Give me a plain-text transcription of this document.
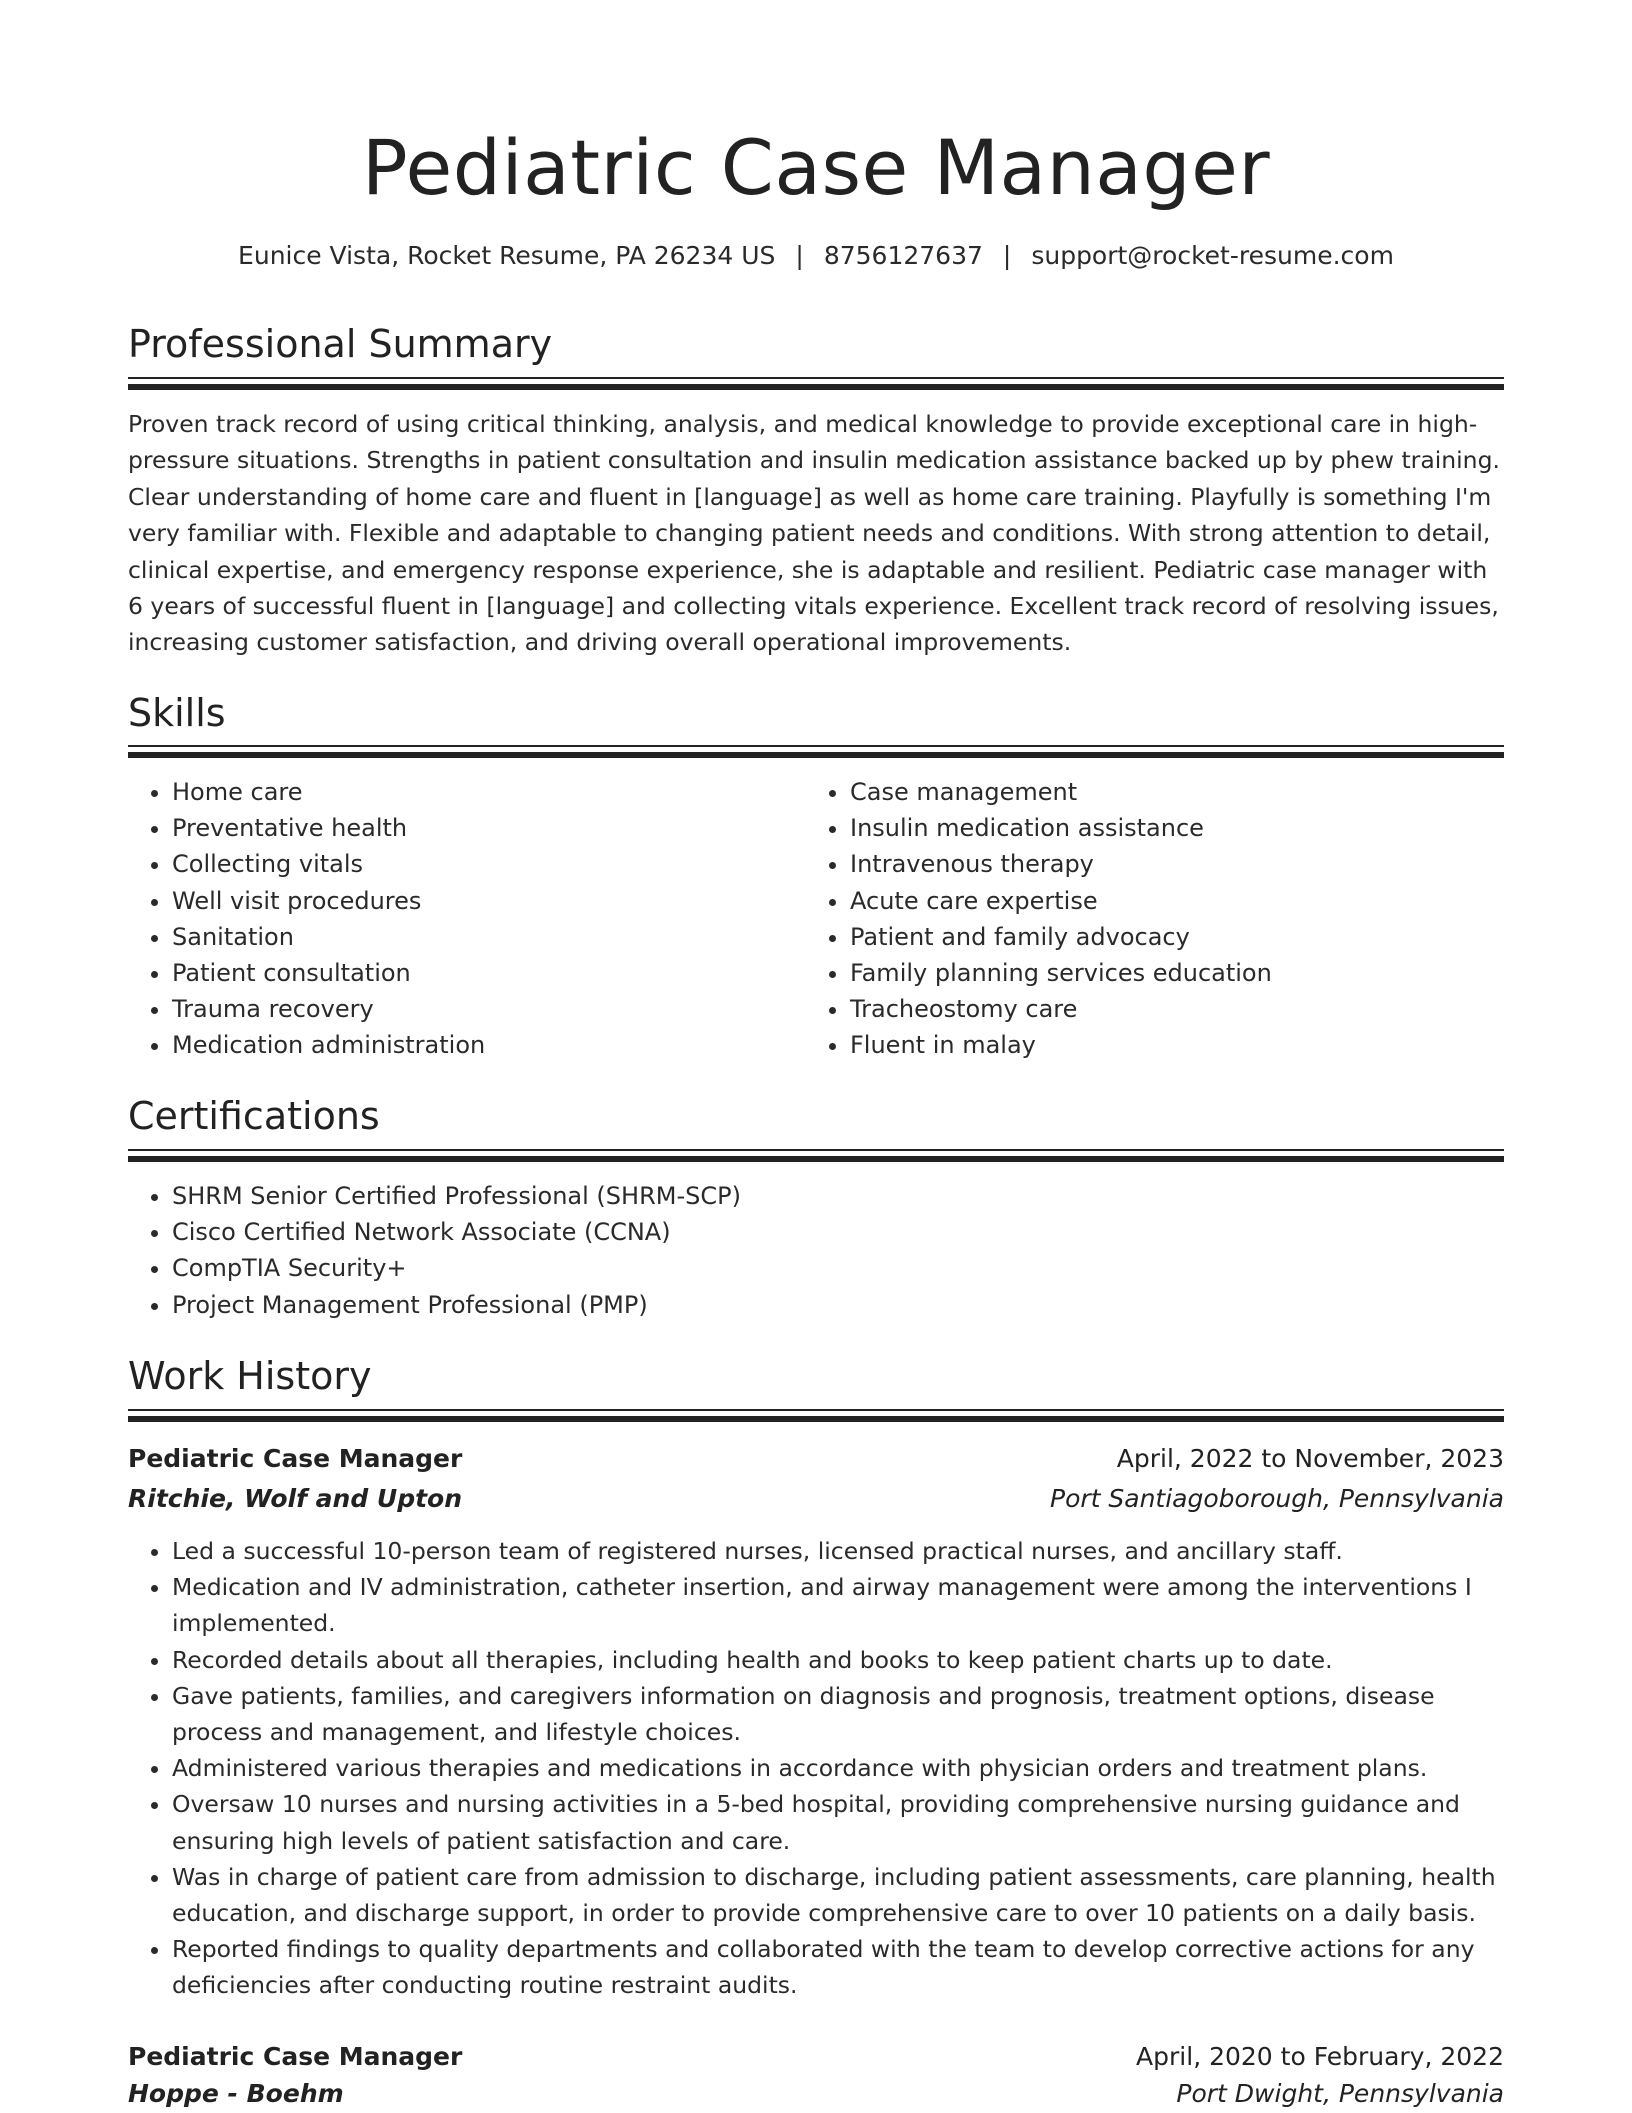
Pediatric Case Manager
Eunice Vista, Rocket Resume, PA 26234 US | 8756127637 | support@rocket-resume.com
Professional Summary

Proven track record of using critical thinking, analysis, and medical knowledge to provide exceptional care in high-pressure situations. Strengths in patient consultation and insulin medication assistance backed up by phew training. Clear understanding of home care and fluent in [language] as well as home care training. Playfully is something I'm very familiar with. Flexible and adaptable to changing patient needs and conditions. With strong attention to detail, clinical expertise, and emergency response experience, she is adaptable and resilient. Pediatric case manager with 6 years of successful fluent in [language] and collecting vitals experience. Excellent track record of resolving issues, increasing customer satisfaction, and driving overall operational improvements.

Skills
• Home care
• Preventative health
• Collecting vitals
• Well visit procedures
• Sanitation
• Patient consultation
• Trauma recovery
• Medication administration
• Case management
• Insulin medication assistance
• Intravenous therapy
• Acute care expertise
• Patient and family advocacy
• Family planning services education
• Tracheostomy care
• Fluent in malay
Certifications
• SHRM Senior Certified Professional (SHRM-SCP)
• Cisco Certified Network Associate (CCNA)
• CompTIA Security+
• Project Management Professional (PMP)
Work History
Pediatric Case Manager	April, 2022 to November, 2023
Ritchie, Wolf and Upton	Port Santiagoborough, Pennsylvania
• Led a successful 10-person team of registered nurses, licensed practical nurses, and ancillary staff.
• Medication and IV administration, catheter insertion, and airway management were among the interventions I implemented.
• Recorded details about all therapies, including health and books to keep patient charts up to date.
• Gave patients, families, and caregivers information on diagnosis and prognosis, treatment options, disease process and management, and lifestyle choices.
• Administered various therapies and medications in accordance with physician orders and treatment plans.
• Oversaw 10 nurses and nursing activities in a 5-bed hospital, providing comprehensive nursing guidance and ensuring high levels of patient satisfaction and care.
• Was in charge of patient care from admission to discharge, including patient assessments, care planning, health education, and discharge support, in order to provide comprehensive care to over 10 patients on a daily basis.
• Reported findings to quality departments and collaborated with the team to develop corrective actions for any deficiencies after conducting routine restraint audits.
Pediatric Case Manager	April, 2020 to February, 2022
Hoppe - Boehm	Port Dwight, Pennsylvania
